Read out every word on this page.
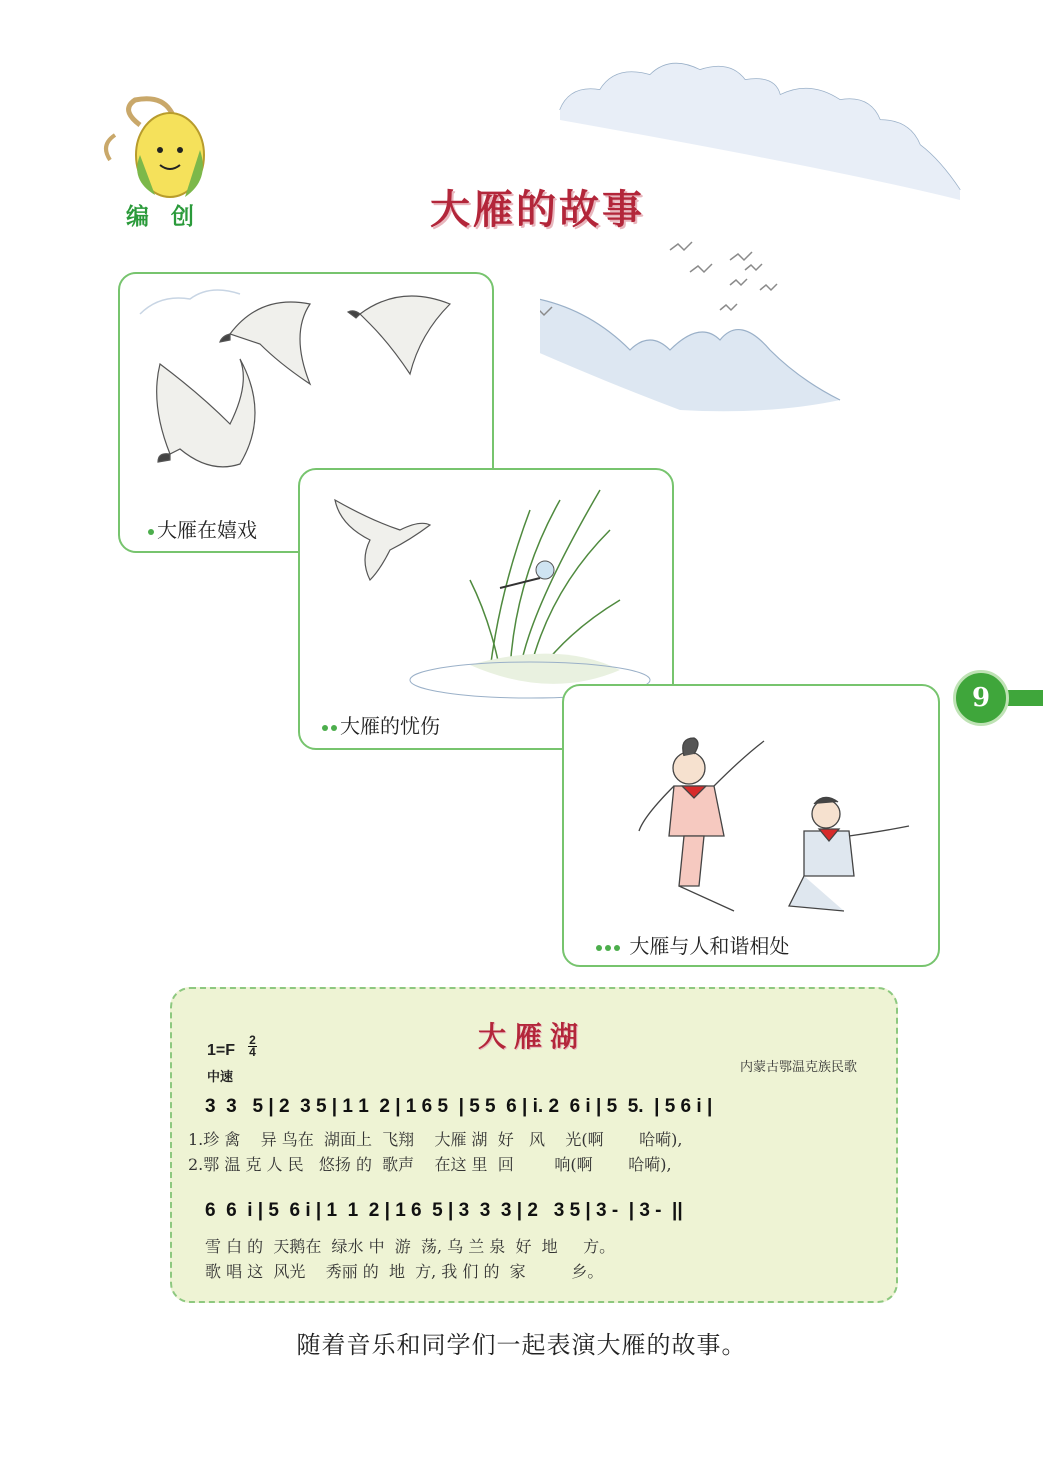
编创	大雁的故事
大雁在嬉戏
大雁的忧伤
大雁与人和谐相处
9
大雁湖
1=F
2
4
中速
内蒙古鄂温克族民歌
3  3   5 | 2  3 5 | 1 1  2 | 1 6 5  | 5 5  6 | i. 2  6 i | 5  5.  | 5 6 i |
1.珍 禽    异 鸟在  湖面上  飞翔    大雁 湖  好   风    光(啊       哈嗬),
2.鄂 温 克 人 民   悠扬 的  歌声    在这 里  回        响(啊       哈嗬),
6  6  i | 5  6 i | 1  1  2 | 1 6  5 | 3  3  3 | 2   3 5 | 3 -  | 3 -  ||
雪 白 的  天鹅在  绿水 中  游  荡, 乌 兰 泉  好  地     方。
歌 唱 这  风光    秀丽 的  地  方, 我 们 的  家         乡。
随着音乐和同学们一起表演大雁的故事。
